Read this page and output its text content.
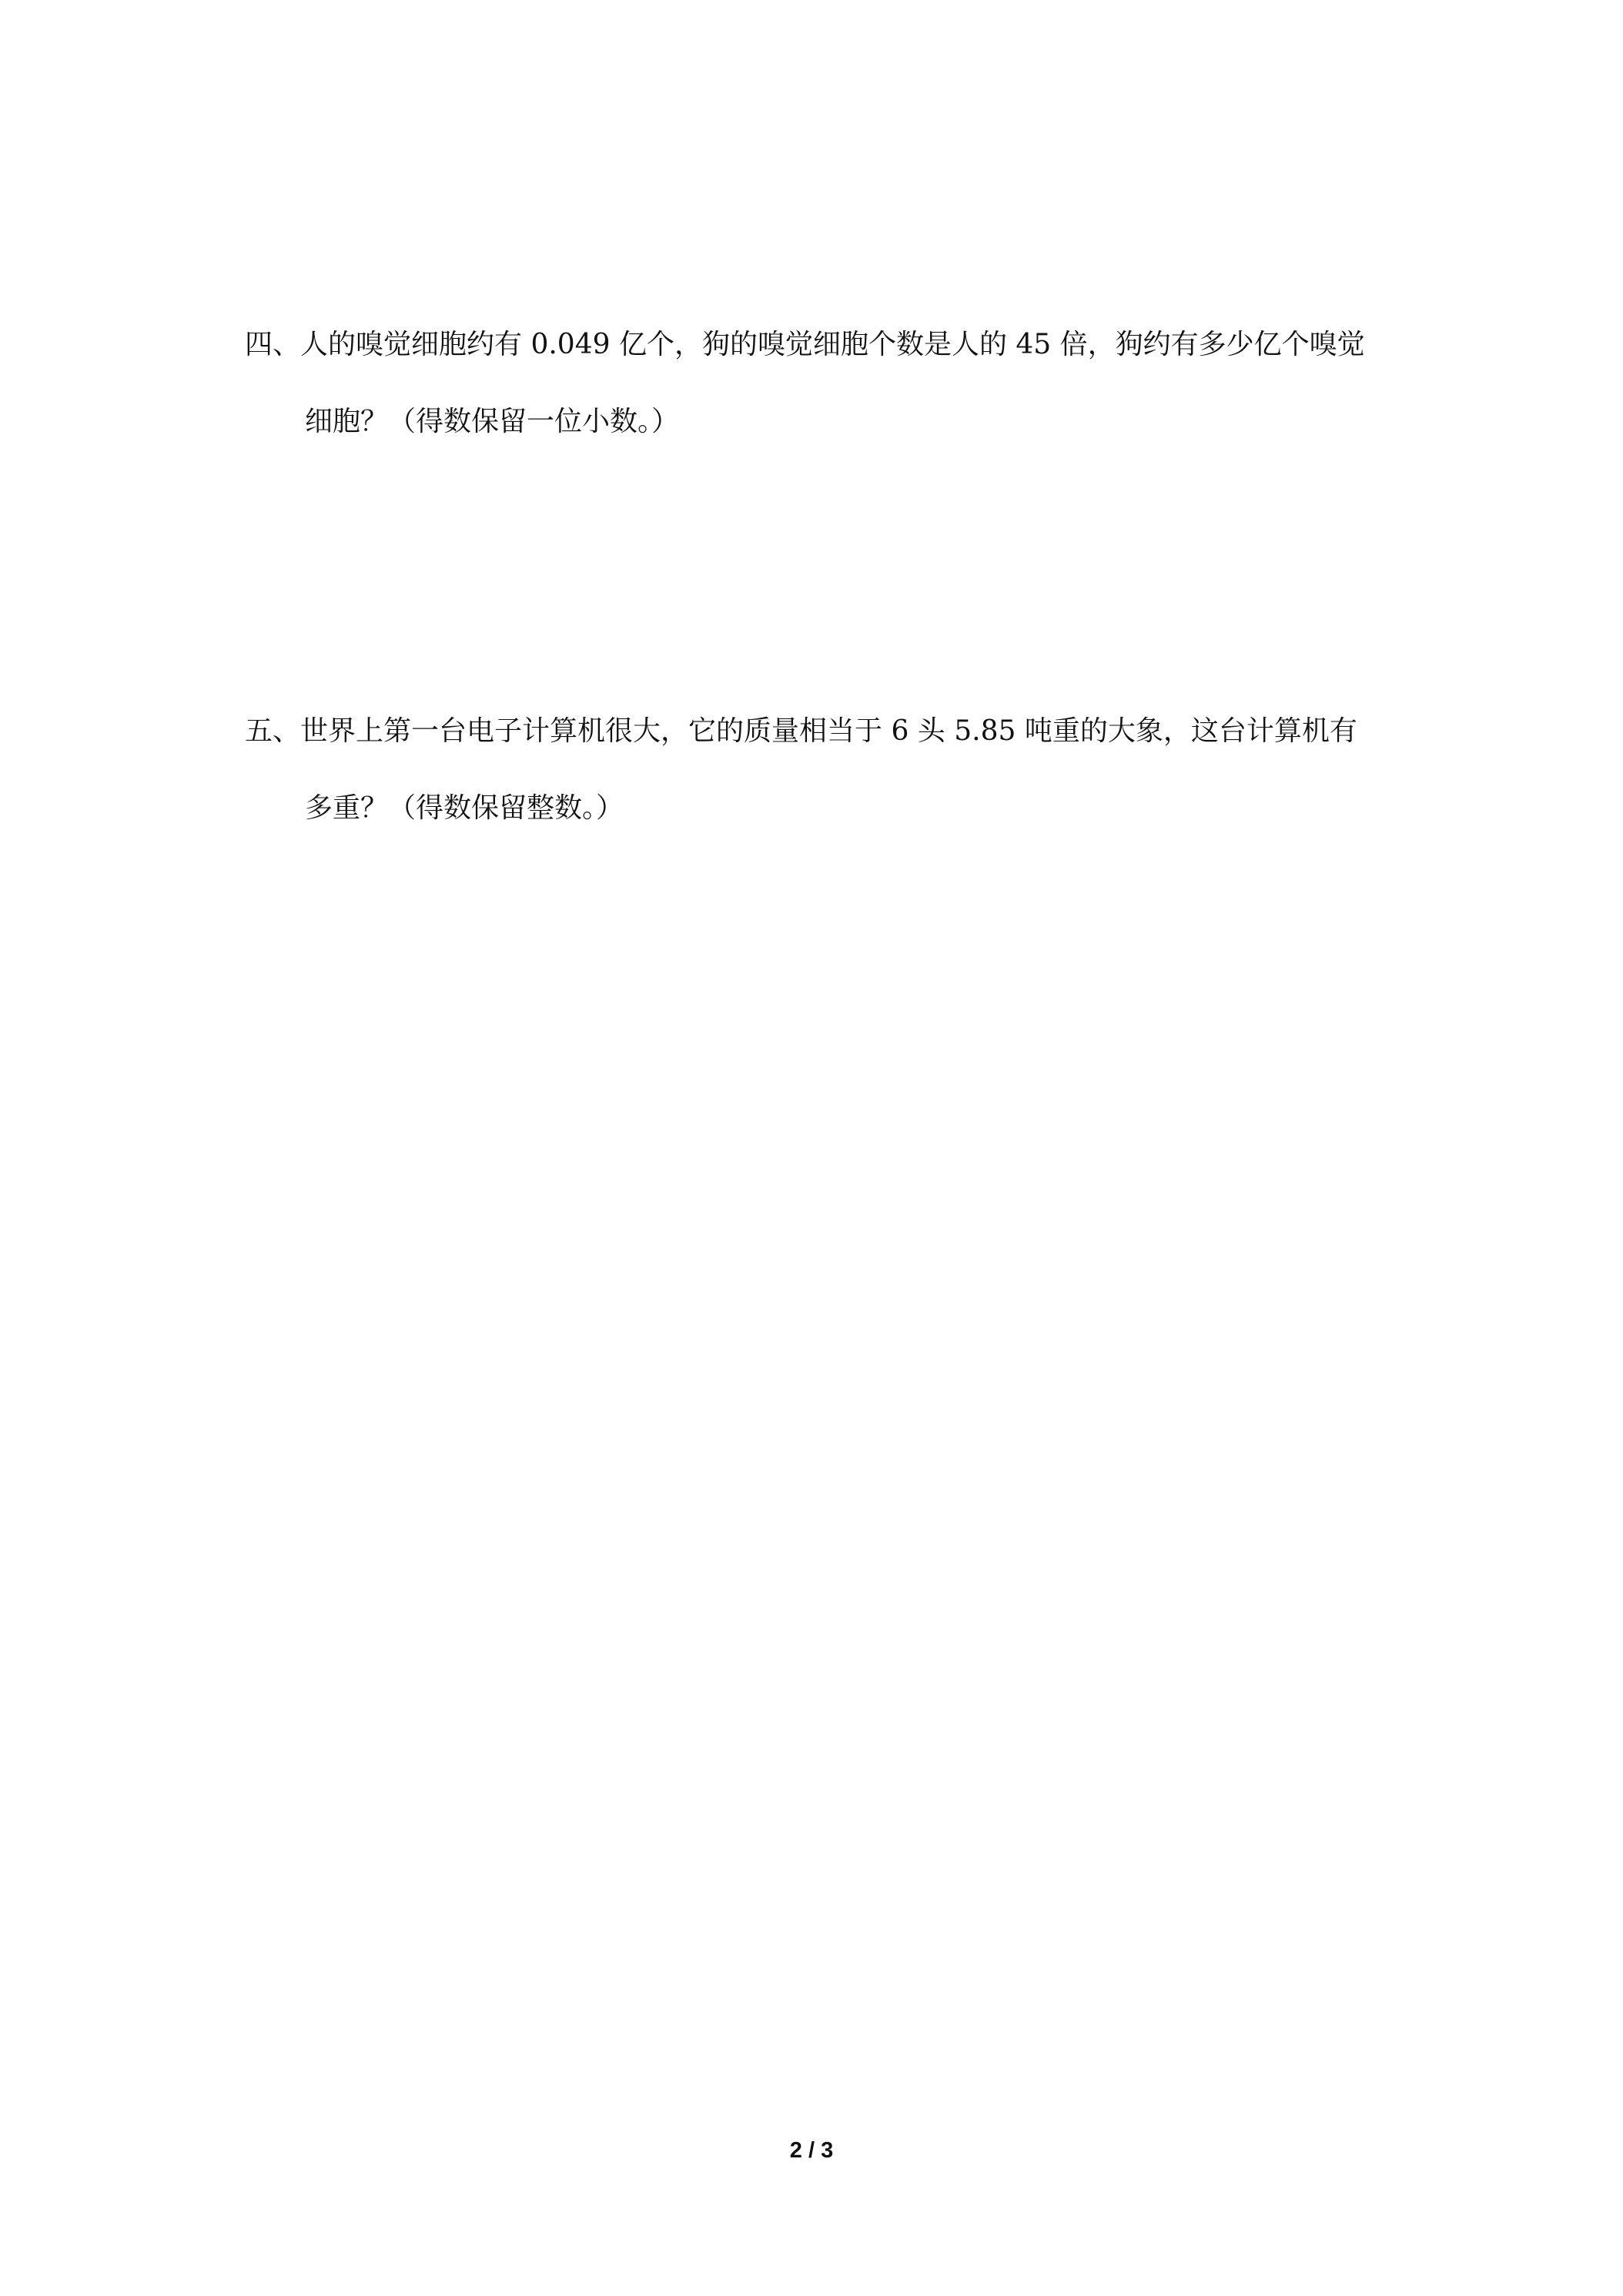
四、人的嗅觉细胞约有 0.049 亿个，狗的嗅觉细胞个数是人的 45 倍，狗约有多少亿个嗅觉
细胞？（得数保留一位小数。）
五、世界上第一台电子计算机很大，它的质量相当于 6 头 5.85 吨重的大象，这台计算机有
多重？（得数保留整数。）
2 / 3
